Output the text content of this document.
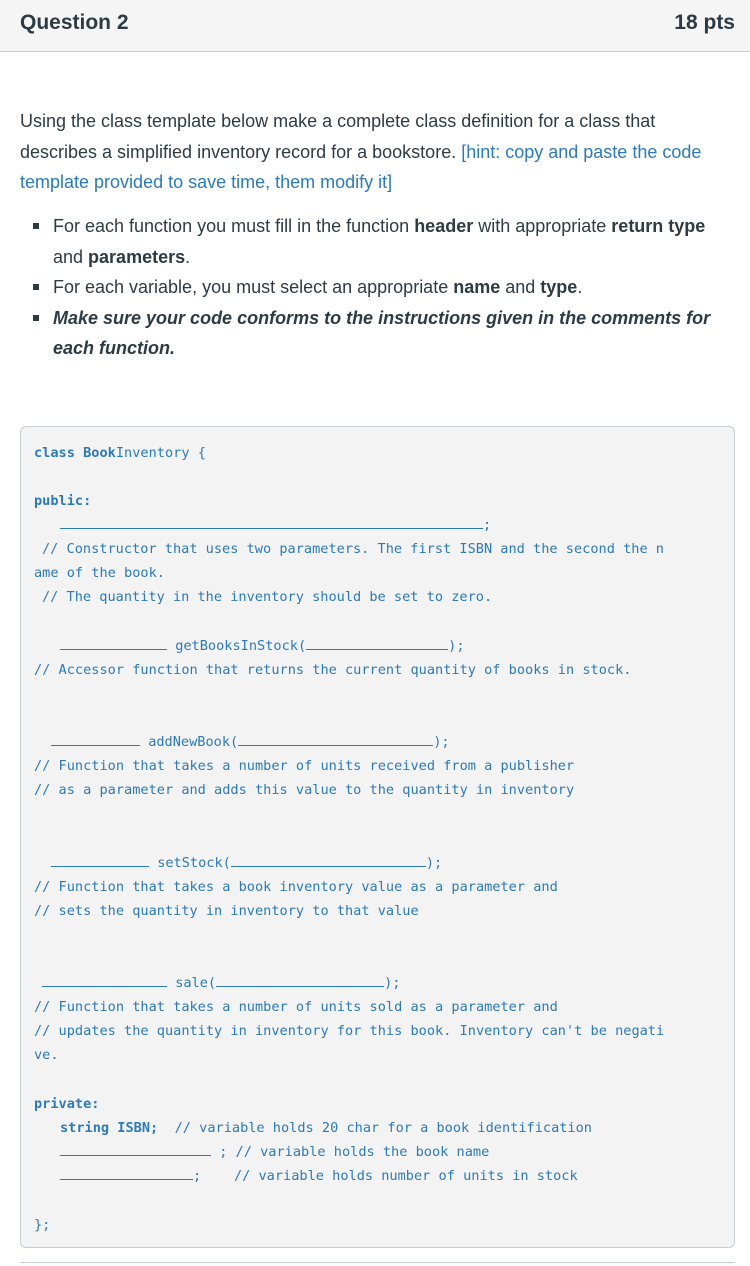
Question 2	18 pts
Using the class template below make a complete class definition for a class that describes a simplified inventory record for a bookstore. [hint: copy and paste the code template provided to save time, them modify it]
For each function you must fill in the function header with appropriate return type and parameters.
For each variable, you must select an appropriate name and type.
Make sure your code conforms to the instructions given in the comments for each function.
class BookInventory {
public:
;
// Constructor that uses two parameters. The first ISBN and the second the n
ame of the book.
// The quantity in the inventory should be set to zero.
getBooksInStock(	);
// Accessor function that returns the current quantity of books in stock.
addNewBook(	);
// Function that takes a number of units received from a publisher
// as a parameter and adds this value to the quantity in inventory
setStock(	);
// Function that takes a book inventory value as a parameter and
// sets the quantity in inventory to that value
sale(	);
// Function that takes a number of units sold as a parameter and
// updates the quantity in inventory for this book. Inventory can't be negati
ve.
private:
string ISBN; // variable holds 20 char for a book identification
; // variable holds the book name
; // variable holds number of units in stock
};
